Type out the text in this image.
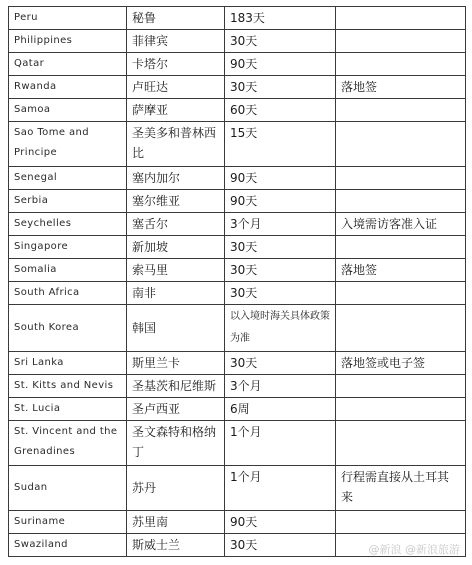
Peru	秘鲁	183天	
Philippines	菲律宾	30天	
Qatar	卡塔尔	90天	
Rwanda	卢旺达	30天	落地签
Samoa	萨摩亚	60天	
Sao Tome and Principe	圣美多和普林西比	15天	
Senegal	塞内加尔	90天	
Serbia	塞尔维亚	90天	
Seychelles	塞舌尔	3个月	入境需访客准入证
Singapore	新加坡	30天	
Somalia	索马里	30天	落地签
South Africa	南非	30天	
South Korea	韩国	以入境时海关具体政策为准	
Sri Lanka	斯里兰卡	30天	落地签或电子签
St. Kitts and Nevis	圣基茨和尼维斯	3个月	
St. Lucia	圣卢西亚	6周	
St. Vincent and the Grenadines	圣文森特和格纳丁	1个月	
Sudan	苏丹	1个月	行程需直接从土耳其来
Suriname	苏里南	90天	
Swaziland	斯威士兰	30天		@新浪 @新浪旅游
